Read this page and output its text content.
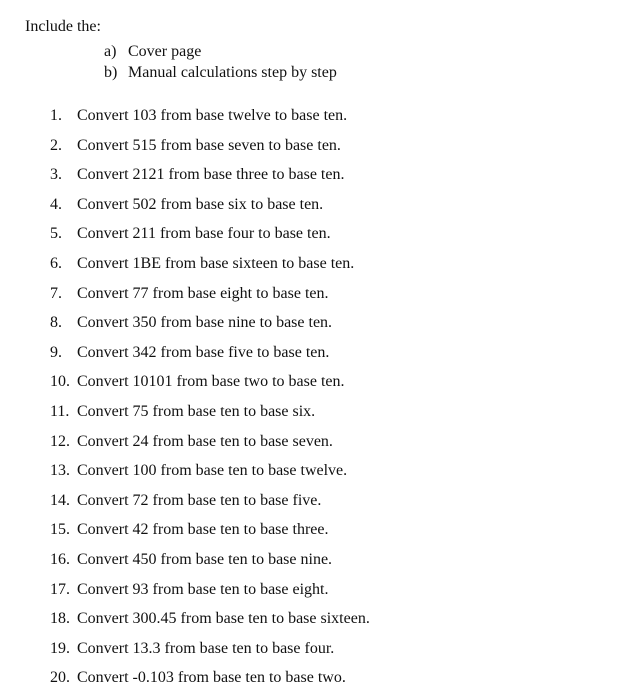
Include the:
a) Cover page
b) Manual calculations step by step
1. Convert 103 from base twelve to base ten.
2. Convert 515 from base seven to base ten.
3. Convert 2121 from base three to base ten.
4. Convert 502 from base six to base ten.
5. Convert 211 from base four to base ten.
6. Convert 1BE from base sixteen to base ten.
7. Convert 77 from base eight to base ten.
8. Convert 350 from base nine to base ten.
9. Convert 342 from base five to base ten.
10. Convert 10101 from base two to base ten.
11. Convert 75 from base ten to base six.
12. Convert 24 from base ten to base seven.
13. Convert 100 from base ten to base twelve.
14. Convert 72 from base ten to base five.
15. Convert 42 from base ten to base three.
16. Convert 450 from base ten to base nine.
17. Convert 93 from base ten to base eight.
18. Convert 300.45 from base ten to base sixteen.
19. Convert 13.3 from base ten to base four.
20. Convert -0.103 from base ten to base two.
